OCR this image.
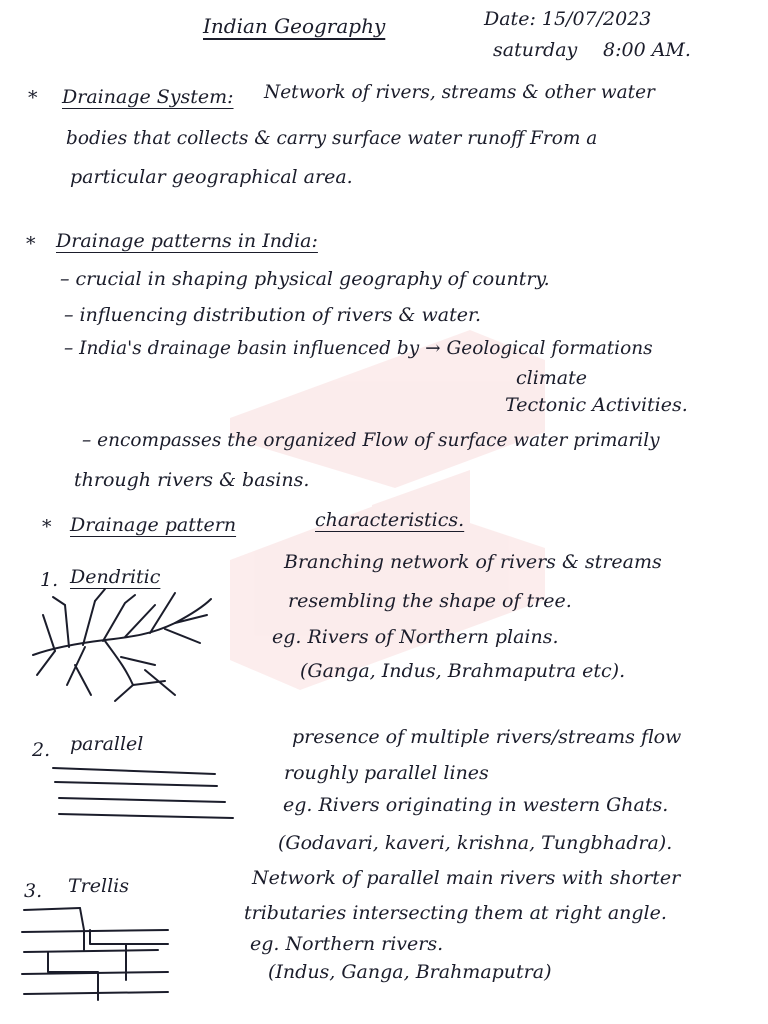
Indian Geography	Date: 15/07/2023
saturday 8:00 AM.
* Drainage System: Network of rivers, streams & other water
bodies that collects & carry surface water runoff From a
particular geographical area.
* Drainage patterns in India:
– crucial in shaping physical geography of country.
– influencing distribution of rivers & water.
– India's drainage basin influenced by → Geological formations
climate
Tectonic Activities.
– encompasses the organized Flow of surface water primarily
through rivers & basins.
* Drainage pattern	characteristics.
1. Dendritic
Branching network of rivers & streams
resembling the shape of tree.
eg. Rivers of Northern plains.
(Ganga, Indus, Brahmaputra etc).
2. parallel	presence of multiple rivers/streams flow
roughly parallel lines
eg. Rivers originating in western Ghats.
(Godavari, kaveri, krishna, Tungbhadra).
3. Trellis	Network of parallel main rivers with shorter
tributaries intersecting them at right angle.
eg. Northern rivers.
(Indus, Ganga, Brahmaputra)
